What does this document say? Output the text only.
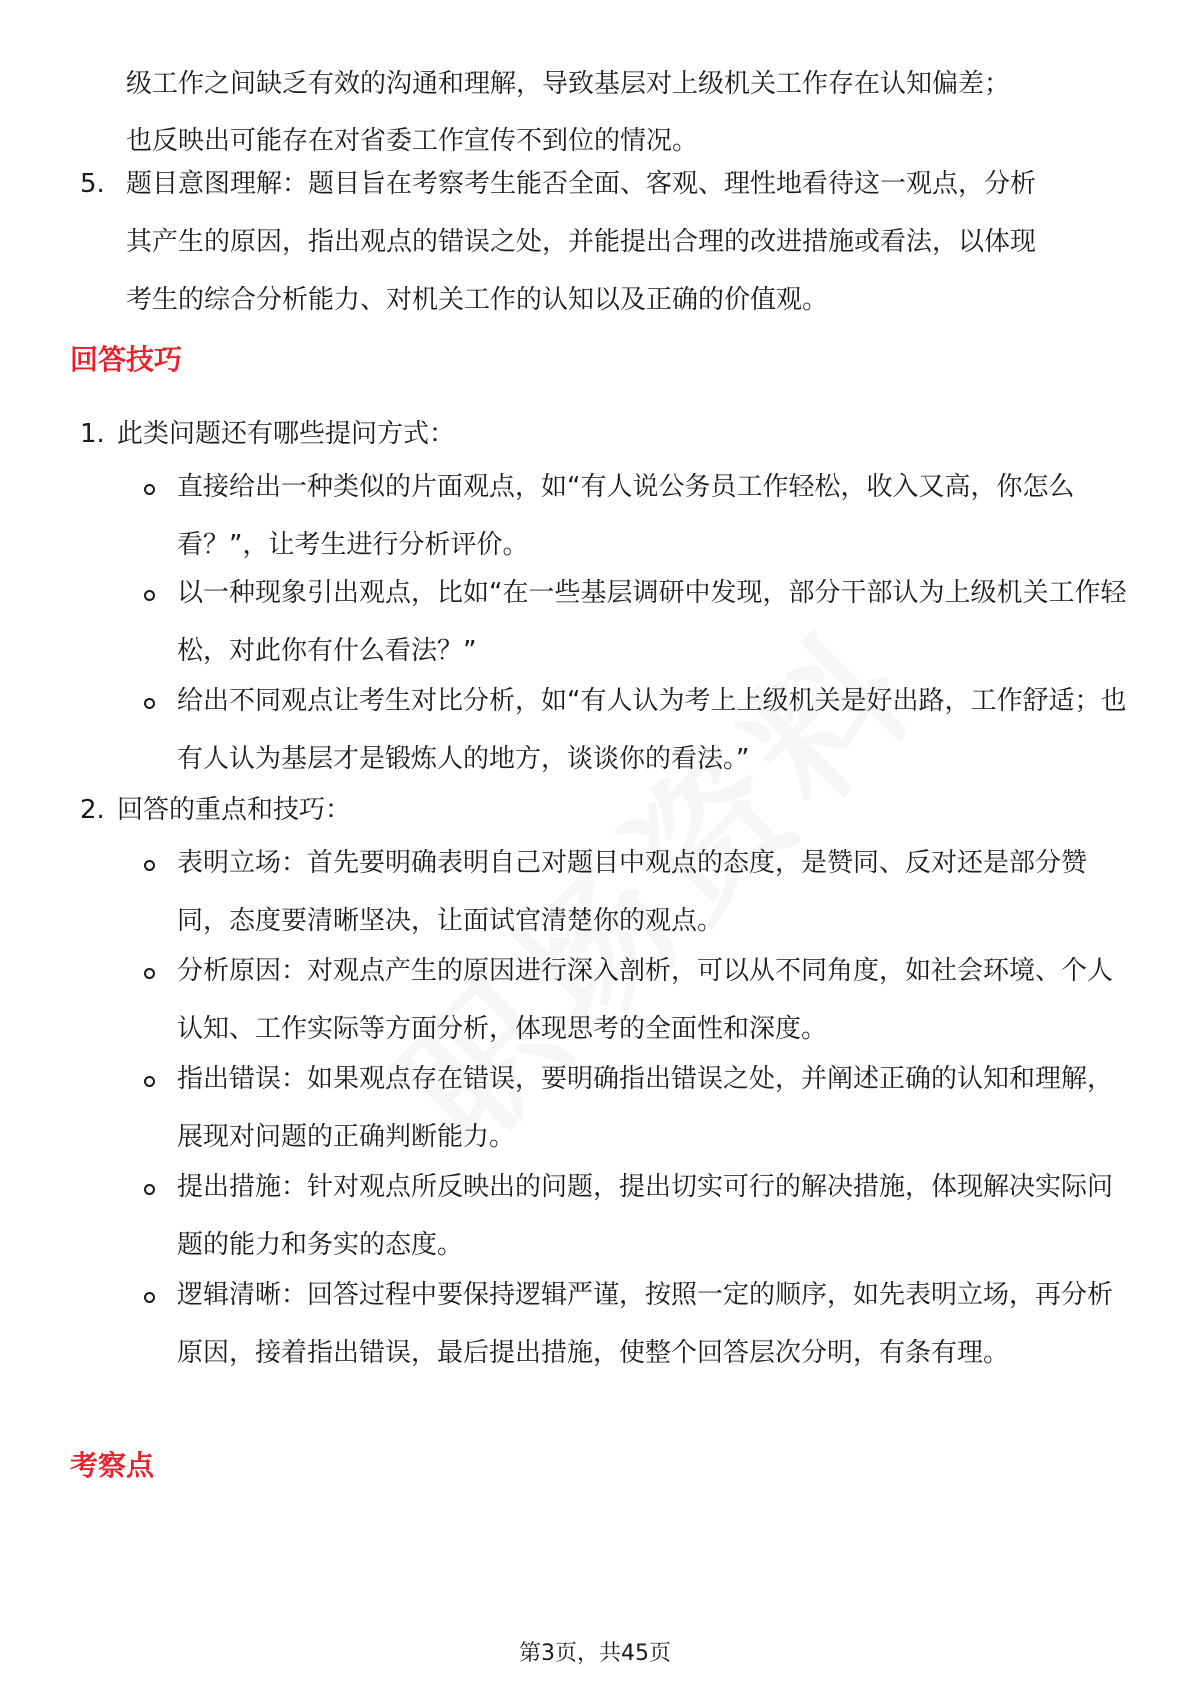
级工作之间缺乏有效的沟通和理解，导致基层对上级机关工作存在认知偏差；
也反映出可能存在对省委工作宣传不到位的情况。
5. 题目意图理解：题目旨在考察考生能否全面、客观、理性地看待这一观点，分析其产生的原因，指出观点的错误之处，并能提出合理的改进措施或看法，以体现考生的综合分析能力、对机关工作的认知以及正确的价值观。
回答技巧
1. 此类问题还有哪些提问方式：
直接给出一种类似的片面观点，如“有人说公务员工作轻松，收入又高，你怎么看？”，让考生进行分析评价。
以一种现象引出观点，比如“在一些基层调研中发现，部分干部认为上级机关工作轻松，对此你有什么看法？”
给出不同观点让考生对比分析，如“有人认为考上上级机关是好出路，工作舒适；也有人认为基层才是锻炼人的地方，谈谈你的看法。”
2. 回答的重点和技巧：
表明立场：首先要明确表明自己对题目中观点的态度，是赞同、反对还是部分赞同，态度要清晰坚决，让面试官清楚你的观点。
分析原因：对观点产生的原因进行深入剖析，可以从不同角度，如社会环境、个人认知、工作实际等方面分析，体现思考的全面性和深度。
指出错误：如果观点存在错误，要明确指出错误之处，并阐述正确的认知和理解，展现对问题的正确判断能力。
提出措施：针对观点所反映出的问题，提出切实可行的解决措施，体现解决实际问题的能力和务实的态度。
逻辑清晰：回答过程中要保持逻辑严谨，按照一定的顺序，如先表明立场，再分析原因，接着指出错误，最后提出措施，使整个回答层次分明，有条有理。
考察点
第3页，共45页
